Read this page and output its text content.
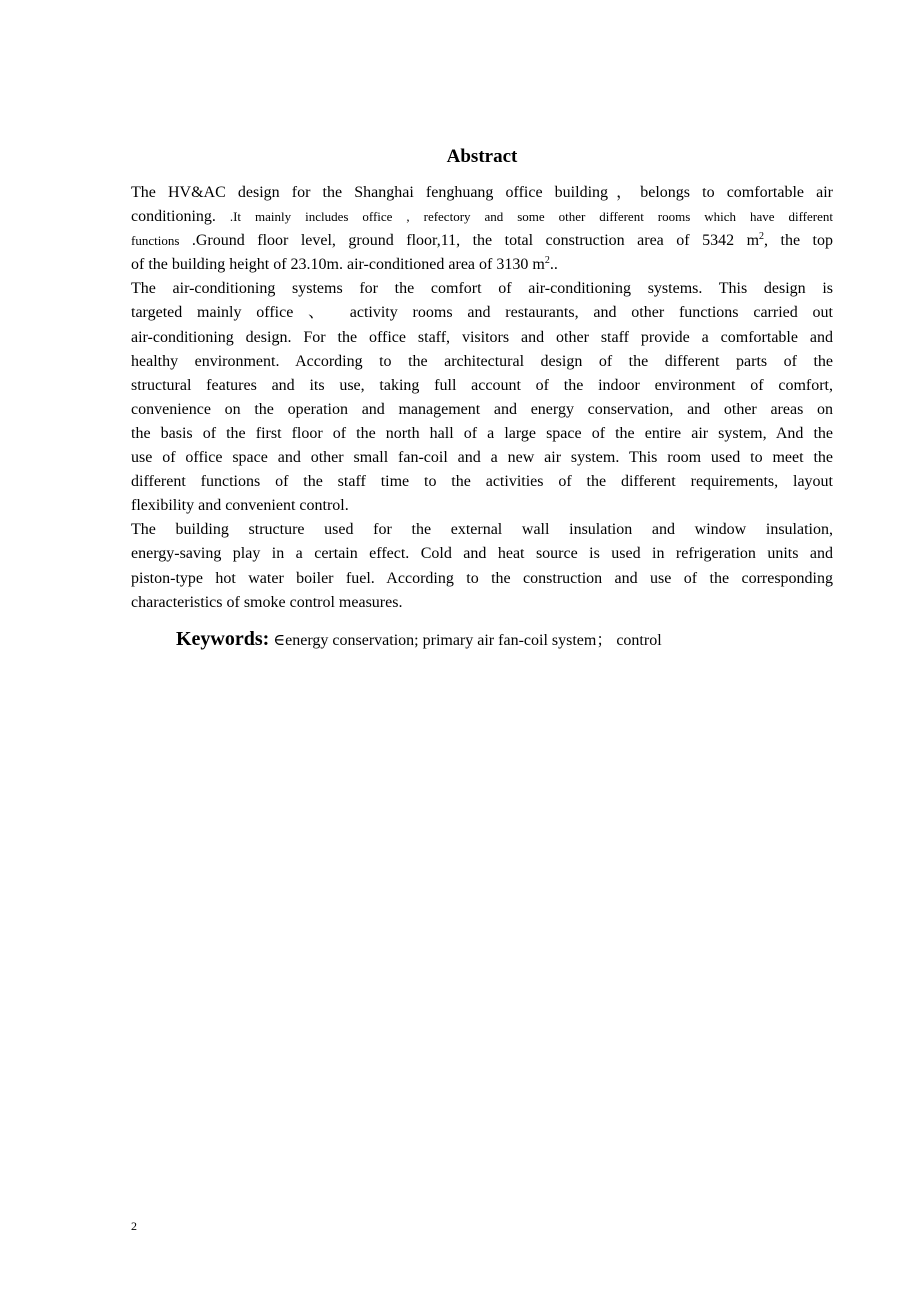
Abstract

The HV&AC design for the Shanghai fenghuang office building，belongs to comfortable air
conditioning. .It mainly includes office , refectory and some other different rooms which have different
functions .Ground floor level, ground floor,11, the total construction area of 5342 $m^2$, the top
of the building height of 23.10m. air-conditioned area of 3130 $m^2$..

The air-conditioning systems for the comfort of air-conditioning systems. This design is
targeted mainly office 、 activity rooms and restaurants, and other functions carried out
air-conditioning design. For the office staff, visitors and other staff provide a comfortable and
healthy environment. According to the architectural design of the different parts of the
structural features and its use, taking full account of the indoor environment of comfort,
convenience on the operation and management and energy conservation, and other areas on
the basis of the first floor of the north hall of a large space of the entire air system, And the
use of office space and other small fan-coil and a new air system. This room used to meet the
different functions of the staff time to the activities of the different requirements, layout
flexibility and convenient control.

The building structure used for the external wall insulation and window insulation,
energy-saving play in a certain effect. Cold and heat source is used in refrigeration units and
piston-type hot water boiler fuel. According to the construction and use of the corresponding
characteristics of smoke control measures.

Keywords: ∈energy conservation; primary air fan-coil system； control
2
